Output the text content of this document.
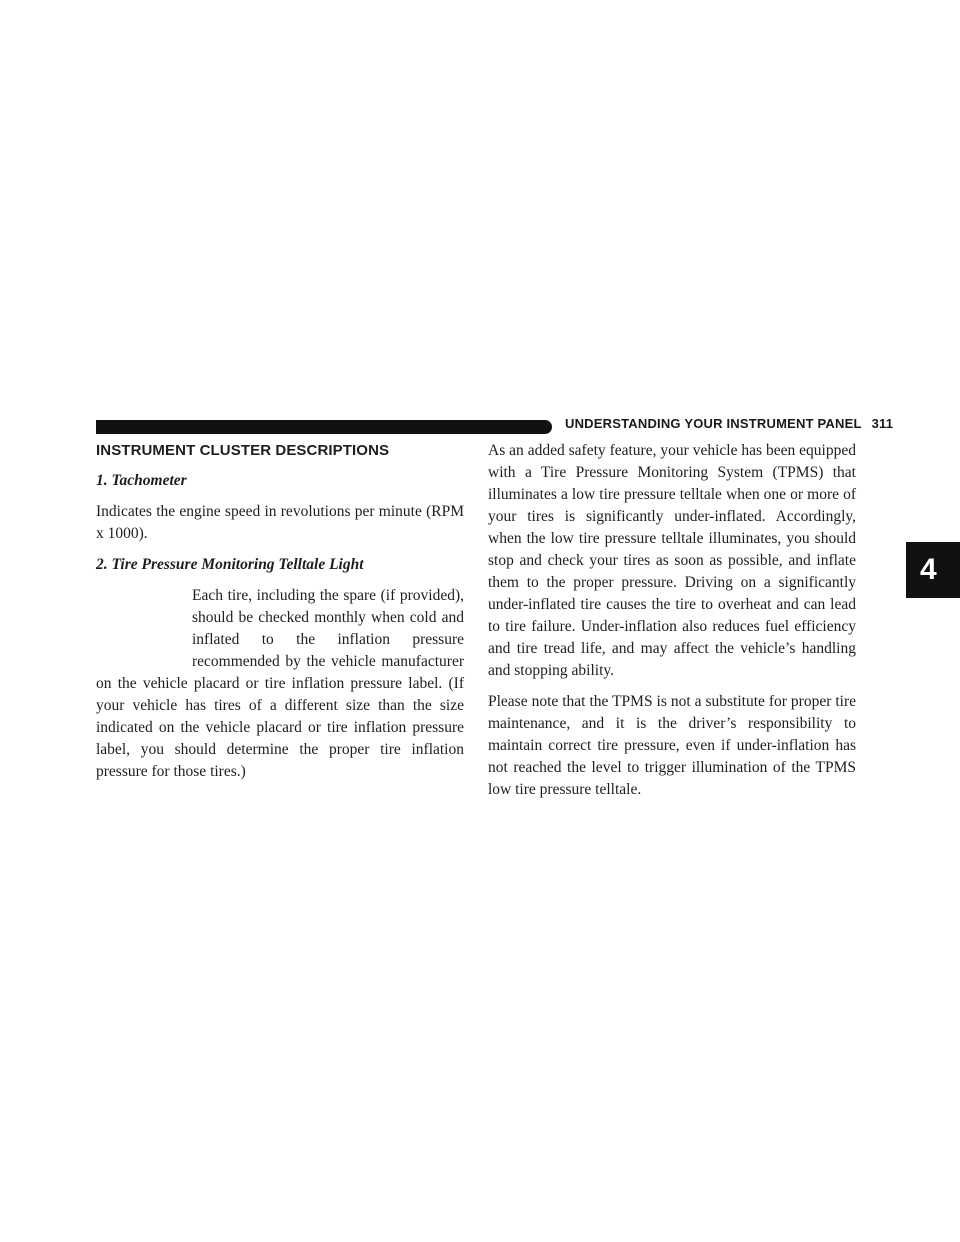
UNDERSTANDING YOUR INSTRUMENT PANEL 311
4
INSTRUMENT CLUSTER DESCRIPTIONS
1. Tachometer

Indicates the engine speed in revolutions per minute (RPM x 1000).

2. Tire Pressure Monitoring Telltale Light

Each tire, including the spare (if provided), should be checked monthly when cold and inflated to the inflation pressure recommended by the vehicle manufacturer on the vehicle placard or tire inflation pressure label. (If your vehicle has tires of a different size than the size indicated on the vehicle placard or tire inflation pressure label, you should determine the proper tire inflation pressure for those tires.)

As an added safety feature, your vehicle has been equipped with a Tire Pressure Monitoring System (TPMS) that illuminates a low tire pressure telltale when one or more of your tires is significantly under-inflated. Accordingly, when the low tire pressure telltale illuminates, you should stop and check your tires as soon as possible, and inflate them to the proper pressure. Driving on a significantly under-inflated tire causes the tire to overheat and can lead to tire failure. Under-inflation also reduces fuel efficiency and tire tread life, and may affect the vehicle’s handling and stopping ability.

Please note that the TPMS is not a substitute for proper tire maintenance, and it is the driver’s responsibility to maintain correct tire pressure, even if under-inflation has not reached the level to trigger illumination of the TPMS low tire pressure telltale.
